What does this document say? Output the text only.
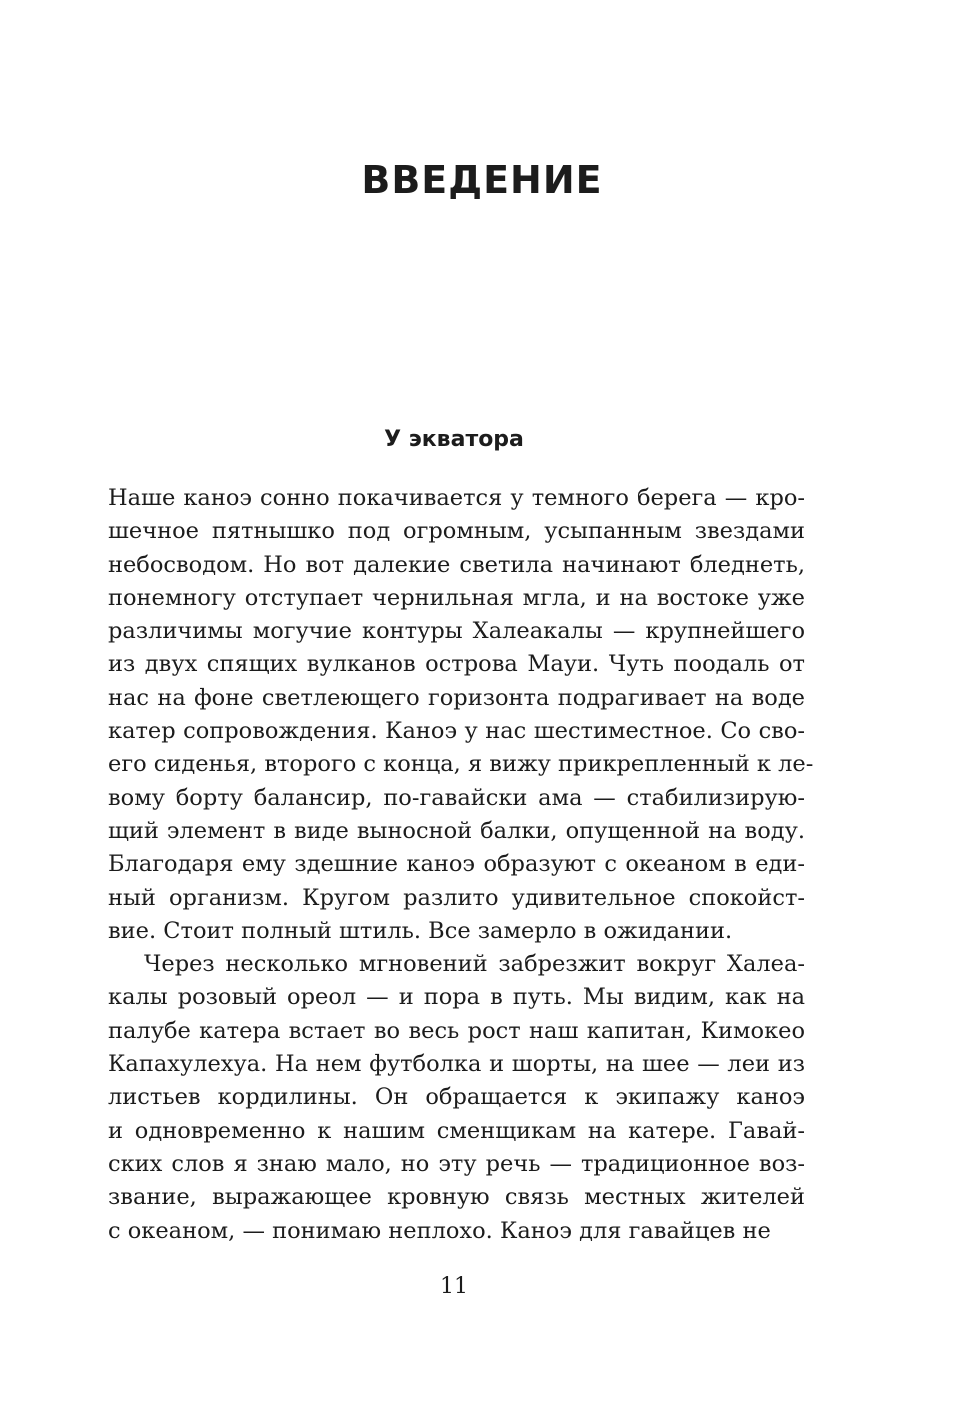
ВВЕДЕНИЕ
У экватора
Наше каноэ сонно покачивается у темного берега — кро-
шечное пятнышко под огромным, усыпанным звездами
небосводом. Но вот далекие светила начинают бледнеть,
понемногу отступает чернильная мгла, и на востоке уже
различимы могучие контуры Халеакалы — крупнейшего
из двух спящих вулканов острова Мауи. Чуть поодаль от
нас на фоне светлеющего горизонта подрагивает на воде
катер сопровождения. Каноэ у нас шестиместное. Со сво-
его сиденья, второго с конца, я вижу прикрепленный к ле-
вому борту балансир, по-гавайски ама — стабилизирую-
щий элемент в виде выносной балки, опущенной на воду.
Благодаря ему здешние каноэ образуют с океаном в еди-
ный организм. Кругом разлито удивительное спокойст-
вие. Стоит полный штиль. Все замерло в ожидании.
Через несколько мгновений забрезжит вокруг Халеа-
калы розовый ореол — и пора в путь. Мы видим, как на
палубе катера встает во весь рост наш капитан, Кимокео
Капахулехуа. На нем футболка и шорты, на шее — леи из
листьев кордилины. Он обращается к экипажу каноэ
и одновременно к нашим сменщикам на катере. Гавай-
ских слов я знаю мало, но эту речь — традиционное воз-
звание, выражающее кровную связь местных жителей
с океаном, — понимаю неплохо. Каноэ для гавайцев не
11
